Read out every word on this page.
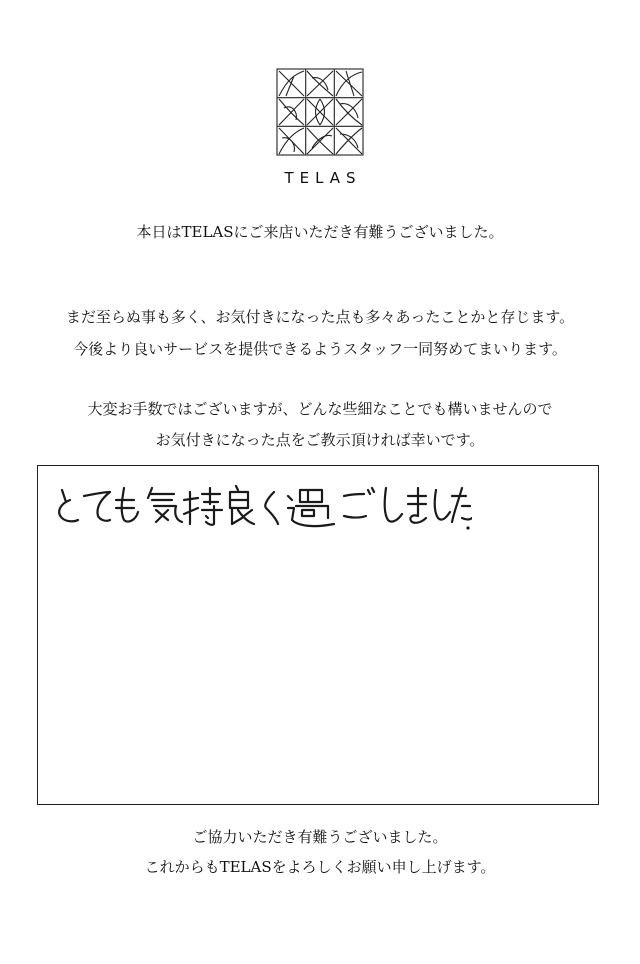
TELAS
本日はTELASにご来店いただき有難うございました。
まだ至らぬ事も多く、お気付きになった点も多々あったことかと存じます。
今後より良いサービスを提供できるようスタッフ一同努めてまいります。
大変お手数ではございますが、どんな些細なことでも構いませんので
お気付きになった点をご教示頂ければ幸いです。
ご協力いただき有難うございました。
これからもTELASをよろしくお願い申し上げます。
